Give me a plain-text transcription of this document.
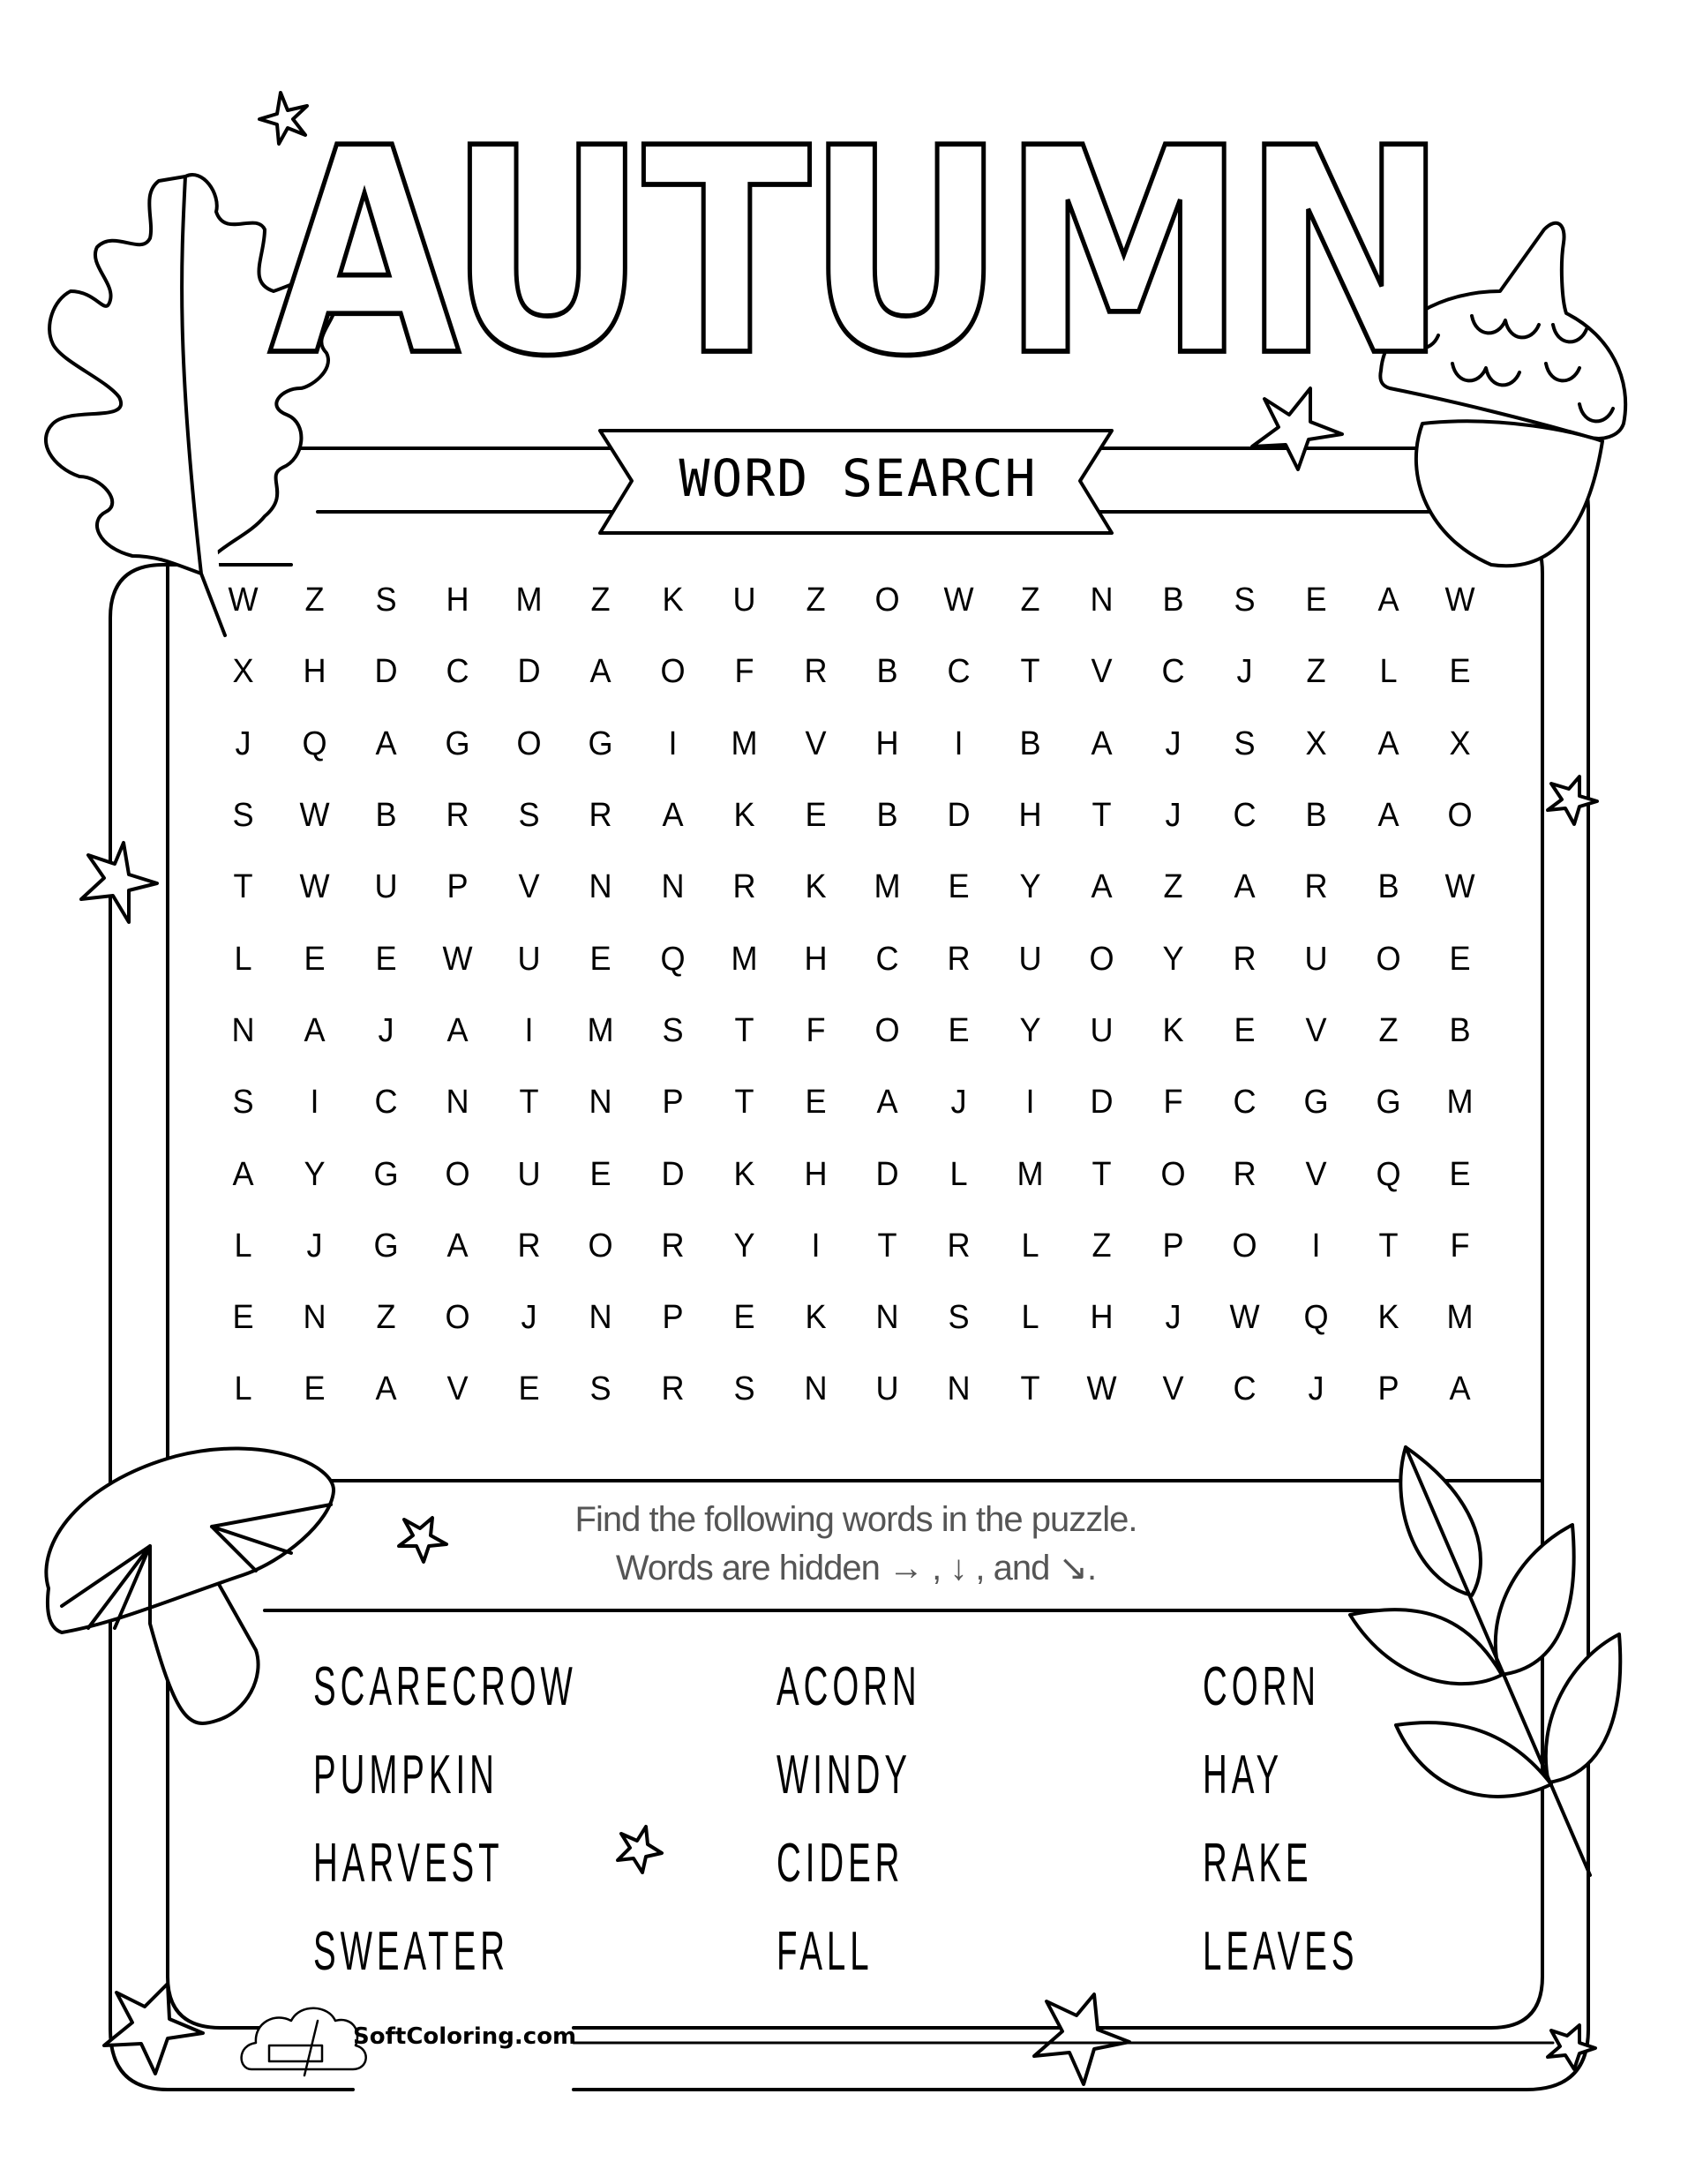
AUTUMN
WORD SEARCH
W	Z	S	H	M	Z	K	U	Z	O	W	Z	N	B	S	E	A	W
X	H	D	C	D	A	O	F	R	B	C	T	V	C	J	Z	L	E
J	Q	A	G	O	G	I	M	V	H	I	B	A	J	S	X	A	X
S	W	B	R	S	R	A	K	E	B	D	H	T	J	C	B	A	O
T	W	U	P	V	N	N	R	K	M	E	Y	A	Z	A	R	B	W
L	E	E	W	U	E	Q	M	H	C	R	U	O	Y	R	U	O	E
N	A	J	A	I	M	S	T	F	O	E	Y	U	K	E	V	Z	B
S	I	C	N	T	N	P	T	E	A	J	I	D	F	C	G	G	M
A	Y	G	O	U	E	D	K	H	D	L	M	T	O	R	V	Q	E
L	J	G	A	R	O	R	Y	I	T	R	L	Z	P	O	I	T	F
E	N	Z	O	J	N	P	E	K	N	S	L	H	J	W	Q	K	M
L	E	A	V	E	S	R	S	N	U	N	T	W	V	C	J	P	A
Find the following words in the puzzle.
Words are hidden → , ↓ , and ↘.
SCARECROW
PUMPKIN
HARVEST
SWEATER
ACORN
WINDY
CIDER
FALL
CORN
HAY
RAKE
LEAVES
SoftColoring.com
